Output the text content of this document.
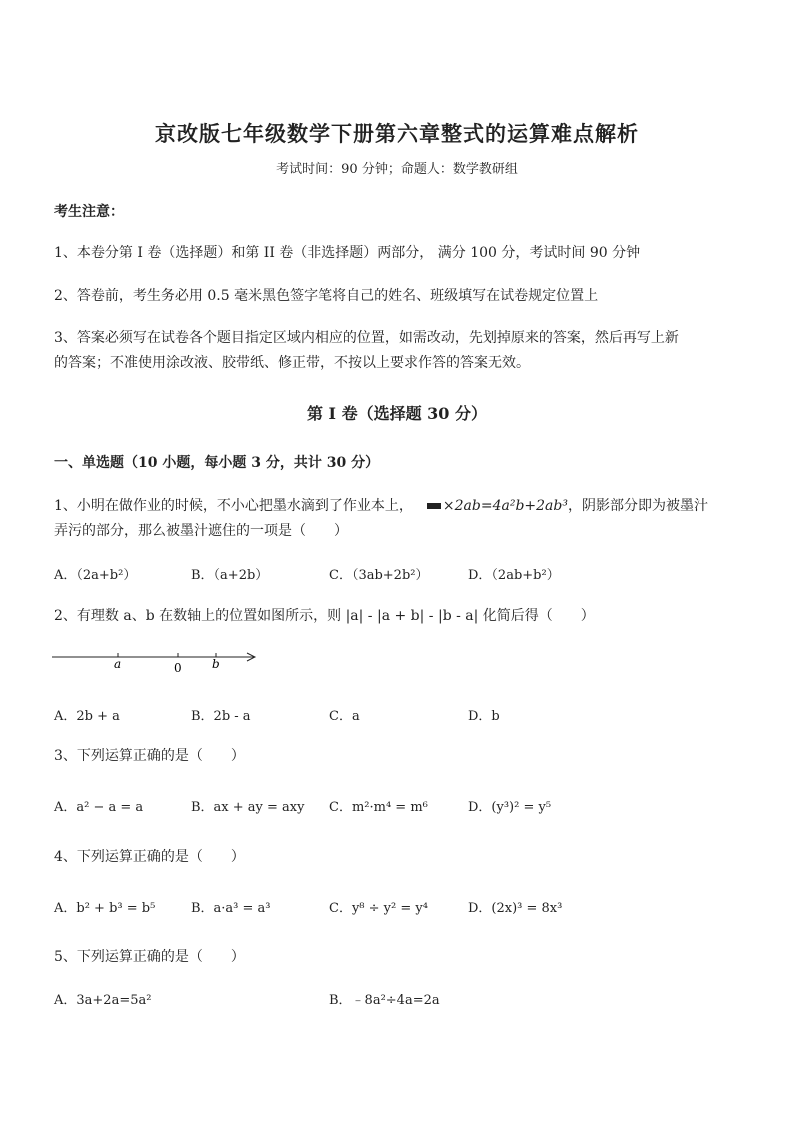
京改版七年级数学下册第六章整式的运算难点解析
考试时间：90 分钟；命题人：数学教研组
考生注意：
1、本卷分第 I 卷（选择题）和第 II 卷（非选择题）两部分， 满分 100 分，考试时间 90 分钟
2、答卷前，考生务必用 0.5 毫米黑色签字笔将自己的姓名、班级填写在试卷规定位置上
3、答案必须写在试卷各个题目指定区域内相应的位置，如需改动，先划掉原来的答案，然后再写上新
的答案；不准使用涂改液、胶带纸、修正带，不按以上要求作答的答案无效。
第 I 卷（选择题 30 分）
一、单选题（10 小题，每小题 3 分，共计 30 分）
1、小明在做作业的时候，不小心把墨水滴到了作业本上， ×2ab=4a²b+2ab³，阴影部分即为被墨汁
弄污的部分，那么被墨汁遮住的一项是（　　）
A．（2a+b²）	B．（a+2b）	C．（3ab+2b²）	D．（2ab+b²）
2、有理数 a、b 在数轴上的位置如图所示，则 |a| - |a + b| - |b - a| 化简后得（　　）
a	0	b
A．2b + a	B．2b - a	C．a	D．b
3、下列运算正确的是（　　）
A．a² − a = a	B．ax + ay = axy C．m²·m⁴ = m⁶	D．(y³)² = y⁵
4、下列运算正确的是（　　）
A．b² + b³ = b⁵	B．a·a³ = a³	C．y⁸ ÷ y² = y⁴	D．(2x)³ = 8x³
5、下列运算正确的是（　　）
A．3a+2a=5a²	B．﹣8a²÷4a=2a
